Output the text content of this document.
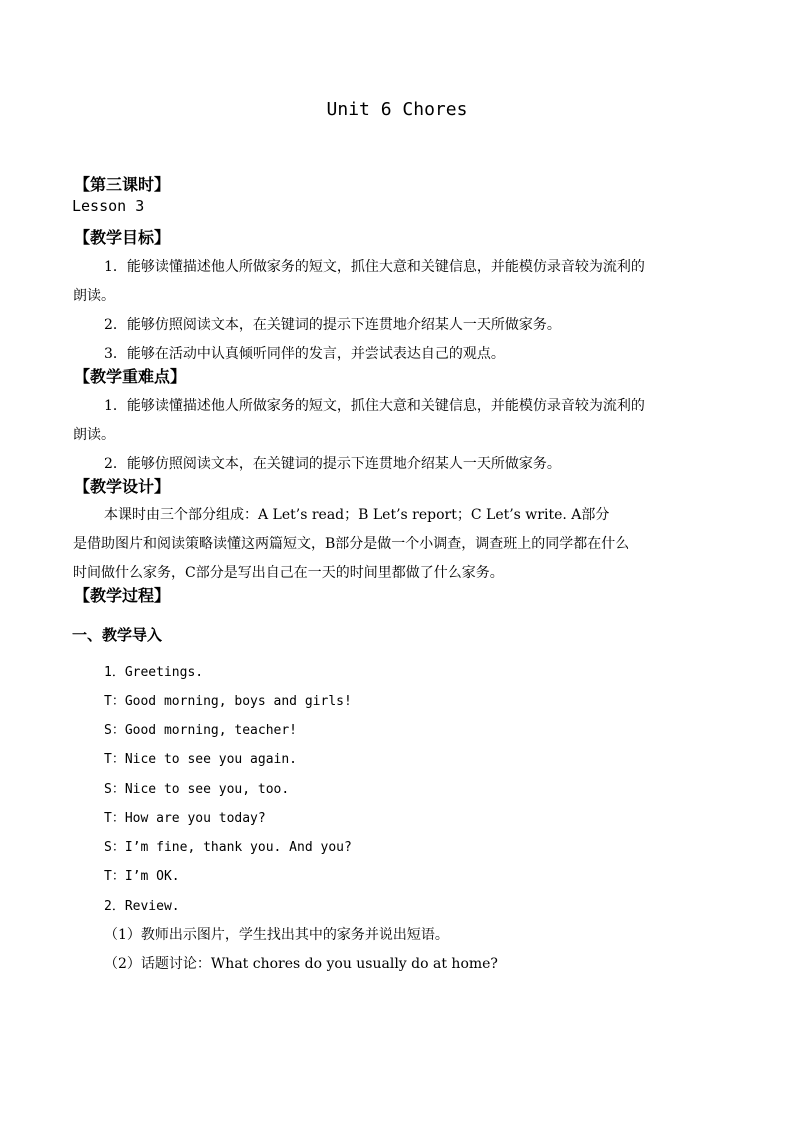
Unit 6 Chores
【第三课时】
Lesson 3
【教学目标】
1．能够读懂描述他人所做家务的短文，抓住大意和关键信息，并能模仿录音较为流利的
朗读。
2．能够仿照阅读文本，在关键词的提示下连贯地介绍某人一天所做家务。
3．能够在活动中认真倾听同伴的发言，并尝试表达自己的观点。
【教学重难点】
1．能够读懂描述他人所做家务的短文，抓住大意和关键信息，并能模仿录音较为流利的
朗读。
2．能够仿照阅读文本，在关键词的提示下连贯地介绍某人一天所做家务。
【教学设计】
本课时由三个部分组成：A Let’s read；B Let’s report；C Let’s write. A部分
是借助图片和阅读策略读懂这两篇短文，B部分是做一个小调查，调查班上的同学都在什么
时间做什么家务，C部分是写出自己在一天的时间里都做了什么家务。
【教学过程】
一、教学导入
1．Greetings.
T：Good morning, boys and girls!
S：Good morning, teacher!
T：Nice to see you again.
S：Nice to see you, too.
T：How are you today?
S：I’m fine, thank you. And you?
T：I’m OK.
2．Review.
（1）教师出示图片，学生找出其中的家务并说出短语。
（2）话题讨论：What chores do you usually do at home?
